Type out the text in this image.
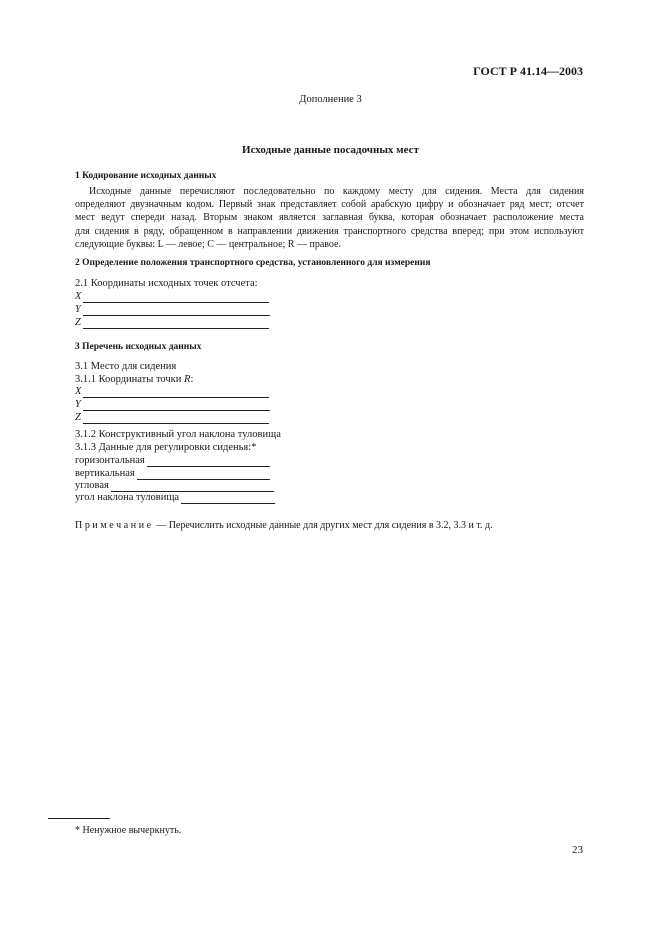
ГОСТ Р 41.14—2003
Дополнение 3
Исходные данные посадочных мест
1 Кодирование исходных данных
Исходные данные перечисляют последовательно по каждому месту для сидения. Места для сидения
определяют двузначным кодом. Первый знак представляет собой арабскую цифру и обозначает ряд мест; отсчет
мест ведут спереди назад. Вторым знаком является заглавная буква, которая обозначает расположение места
для сидения в ряду, обращенном в направлении движения транспортного средства вперед; при этом используют
следующие буквы: L — левое; C — центральное; R — правое.
2 Определение положения транспортного средства, установленного для измерения
2.1 Координаты исходных точек отсчета:
X
Y
Z
3 Перечень исходных данных
3.1 Место для сидения
3.1.1 Координаты точки R:
X
Y
Z
3.1.2 Конструктивный угол наклона туловища
3.1.3 Данные для регулировки сиденья:*
горизонтальная
вертикальная
угловая
угол наклона туловища
Примечание — Перечислить исходные данные для других мест для сидения в 3.2, 3.3 и т. д.
* Ненужное вычеркнуть.
23
